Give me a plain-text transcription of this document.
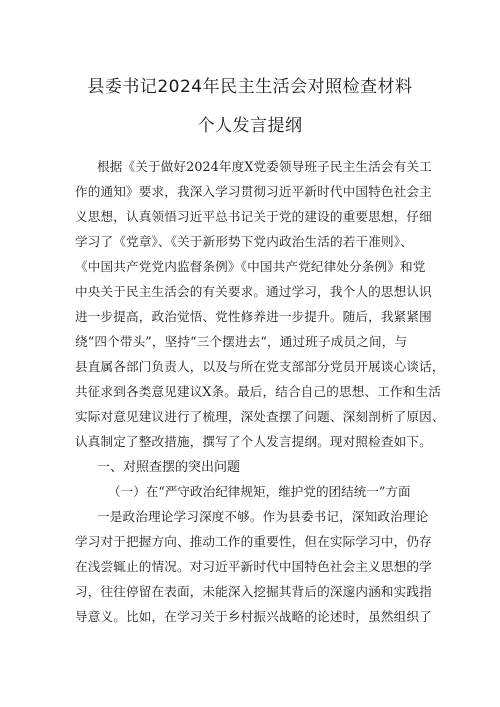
县委书记2024年民主生活会对照检查材料
个人发言提纲
根据《关于做好2024年度X党委领导班子民主生活会有关工
作的通知》要求，我深入学习贯彻习近平新时代中国特色社会主
义思想，认真领悟习近平总书记关于党的建设的重要思想，仔细
学习了《党章》、《关于新形势下党内政治生活的若干准则》、
《中国共产党党内监督条例》《中国共产党纪律处分条例》和党
中央关于民主生活会的有关要求。通过学习，我个人的思想认识
进一步提高，政治觉悟、党性修养进一步提升。随后，我紧紧围
绕“四个带头”，坚持“三个摆进去“，通过班子成员之间，与
县直属各部门负责人，以及与所在党支部部分党员开展谈心谈话，
共征求到各类意见建议X条。最后，结合自己的思想、工作和生活
实际对意见建议进行了梳理，深处查摆了问题、深刻剖析了原因、
认真制定了整改措施，撰写了个人发言提纲。现对照检查如下。
一、对照查摆的突出问题
（一）在“严守政治纪律规矩，维护党的团结统一”方面
一是政治理论学习深度不够。作为县委书记，深知政治理论
学习对于把握方向、推动工作的重要性，但在实际学习中，仍存
在浅尝辄止的情况。对习近平新时代中国特色社会主义思想的学
习，往往停留在表面，未能深入挖掘其背后的深邃内涵和实践指
导意义。比如，在学习关于乡村振兴战略的论述时，虽然组织了
